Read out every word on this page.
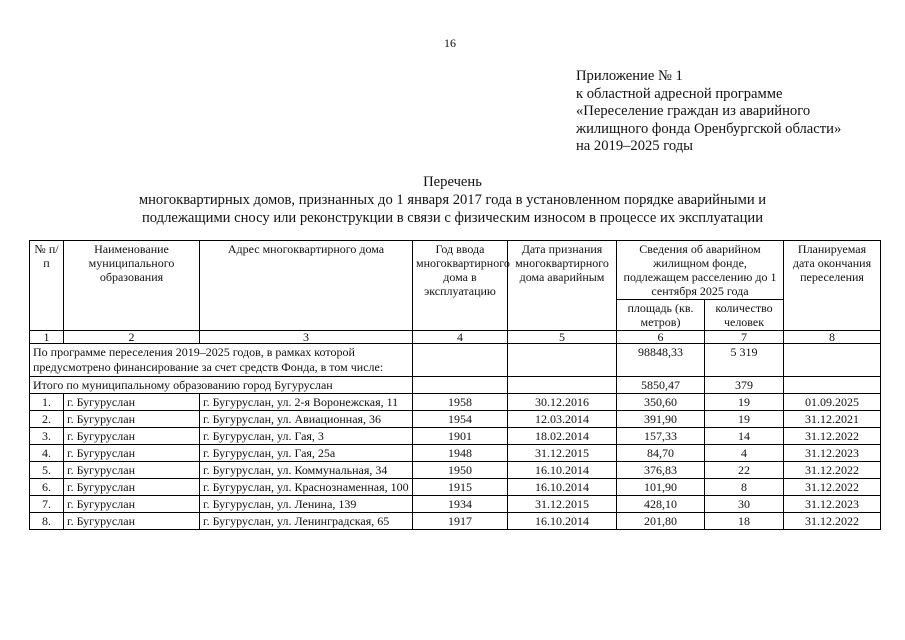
16
Приложение № 1
к областной адресной программе
«Переселение граждан из аварийного
жилищного фонда Оренбургской области»
на 2019–2025 годы
Перечень
многоквартирных домов, признанных до 1 января 2017 года в установленном порядке аварийными и
подлежащими сносу или реконструкции в связи с физическим износом в процессе их эксплуатации
№ п/п	Наименование муниципального образования	Адрес многоквартирного дома	Год ввода многоквартирного дома в эксплуатацию	Дата признания многоквартирного дома аварийным	Сведения об аварийном жилищном фонде, подлежащем расселению до 1 сентября 2025 года		Планируемая дата окончания переселения
					площадь (кв. метров)	количество человек	
1	2	3	4	5	6	7	8
По программе переселения 2019–2025 годов, в рамках которой предусмотрено финансирование за счет средств Фонда, в том числе:					98848,33	5 319	
Итого по муниципальному образованию город Бугуруслан					5850,47	379	
1.	г. Бугуруслан	г. Бугуруслан, ул. 2-я Воронежская, 11	1958	30.12.2016	350,60	19	01.09.2025
2.	г. Бугуруслан	г. Бугуруслан, ул. Авиационная, 36	1954	12.03.2014	391,90	19	31.12.2021
3.	г. Бугуруслан	г. Бугуруслан, ул. Гая, 3	1901	18.02.2014	157,33	14	31.12.2022
4.	г. Бугуруслан	г. Бугуруслан, ул. Гая, 25а	1948	31.12.2015	84,70	4	31.12.2023
5.	г. Бугуруслан	г. Бугуруслан, ул. Коммунальная, 34	1950	16.10.2014	376,83	22	31.12.2022
6.	г. Бугуруслан	г. Бугуруслан, ул. Краснознаменная, 100	1915	16.10.2014	101,90	8	31.12.2022
7.	г. Бугуруслан	г. Бугуруслан, ул. Ленина, 139	1934	31.12.2015	428,10	30	31.12.2023
8.	г. Бугуруслан	г. Бугуруслан, ул. Ленинградская, 65	1917	16.10.2014	201,80	18	31.12.2022
